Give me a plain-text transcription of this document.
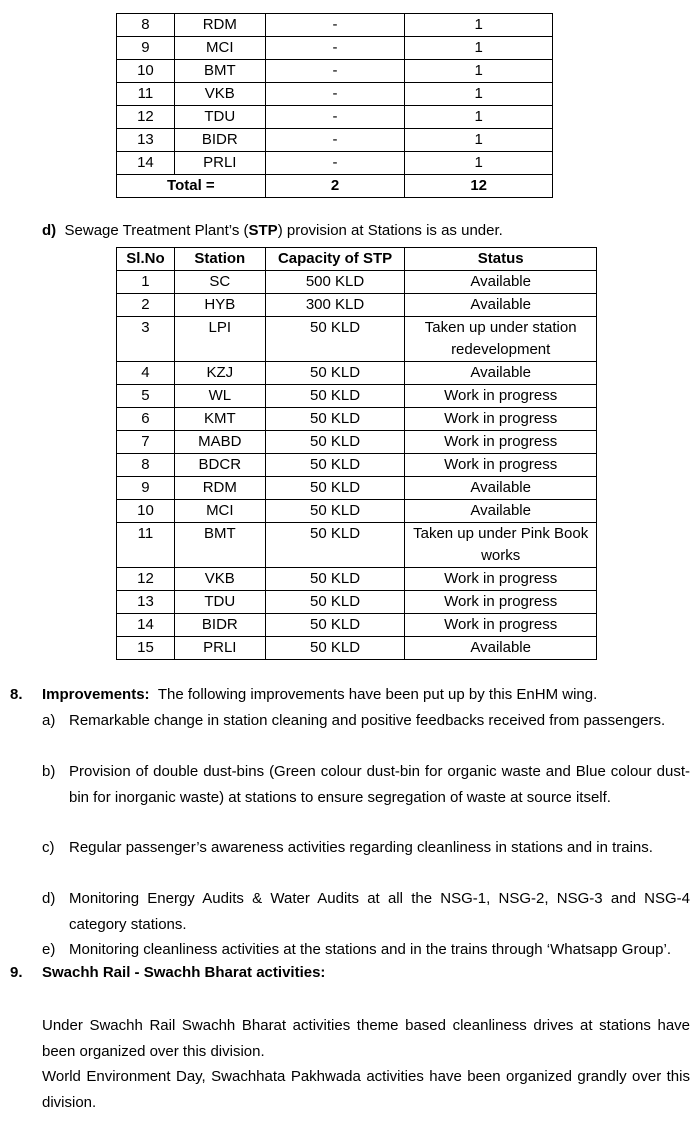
8	RDM	-	1
9	MCI	-	1
10	BMT	-	1
11	VKB	-	1
12	TDU	-	1
13	BIDR	-	1
14	PRLI	-	1
Total =		2	12
d) Sewage Treatment Plant’s (STP) provision at Stations is as under.
Sl.No	Station	Capacity of STP	Status
1	SC	500 KLD	Available
2	HYB	300 KLD	Available
3	LPI	50 KLD	Taken up under station redevelopment
4	KZJ	50 KLD	Available
5	WL	50 KLD	Work in progress
6	KMT	50 KLD	Work in progress
7	MABD	50 KLD	Work in progress
8	BDCR	50 KLD	Work in progress
9	RDM	50 KLD	Available
10	MCI	50 KLD	Available
11	BMT	50 KLD	Taken up under Pink Book works
12	VKB	50 KLD	Work in progress
13	TDU	50 KLD	Work in progress
14	BIDR	50 KLD	Work in progress
15	PRLI	50 KLD	Available
8. Improvements: The following improvements have been put up by this EnHM wing.
a) Remarkable change in station cleaning and positive feedbacks received from passengers.
b) Provision of double dust-bins (Green colour dust-bin for organic waste and Blue colour dust-bin for inorganic waste) at stations to ensure segregation of waste at source itself.
c) Regular passenger’s awareness activities regarding cleanliness in stations and in trains.
d) Monitoring Energy Audits & Water Audits at all the NSG-1, NSG-2, NSG-3 and NSG-4 category stations.
e) Monitoring cleanliness activities at the stations and in the trains through ‘Whatsapp Group’.
9. Swachh Rail - Swachh Bharat activities:
Under Swachh Rail Swachh Bharat activities theme based cleanliness drives at stations have been organized over this division.
World Environment Day, Swachhata Pakhwada activities have been organized grandly over this division.
